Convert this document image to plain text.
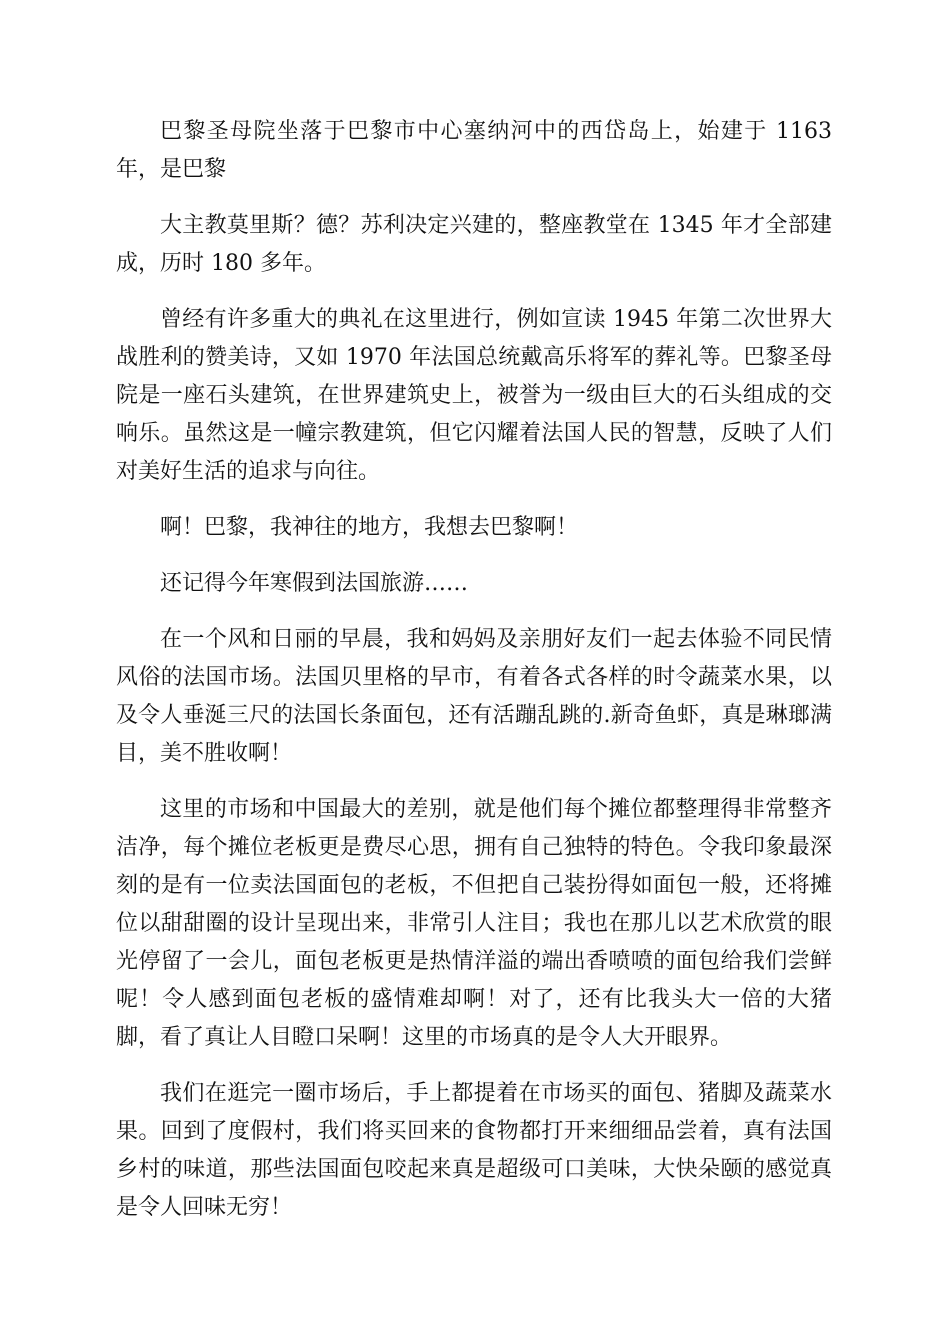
巴黎圣母院坐落于巴黎市中心塞纳河中的西岱岛上，始建于 1163 年，是巴黎

大主教莫里斯？德？苏利决定兴建的，整座教堂在 1345 年才全部建成，历时 180 多年。

曾经有许多重大的典礼在这里进行，例如宣读 1945 年第二次世界大战胜利的赞美诗，又如 1970 年法国总统戴高乐将军的葬礼等。巴黎圣母院是一座石头建筑，在世界建筑史上，被誉为一级由巨大的石头组成的交响乐。虽然这是一幢宗教建筑，但它闪耀着法国人民的智慧，反映了人们对美好生活的追求与向往。

啊！巴黎，我神往的地方，我想去巴黎啊！

还记得今年寒假到法国旅游……

在一个风和日丽的早晨，我和妈妈及亲朋好友们一起去体验不同民情风俗的法国市场。法国贝里格的早市，有着各式各样的时令蔬菜水果，以及令人垂涎三尺的法国长条面包，还有活蹦乱跳的.新奇鱼虾，真是琳瑯满目，美不胜收啊！

这里的市场和中国最大的差别，就是他们每个摊位都整理得非常整齐洁净，每个摊位老板更是费尽心思，拥有自己独特的特色。令我印象最深刻的是有一位卖法国面包的老板，不但把自己装扮得如面包一般，还将摊位以甜甜圈的设计呈现出来，非常引人注目；我也在那儿以艺术欣赏的眼光停留了一会儿，面包老板更是热情洋溢的端出香喷喷的面包给我们尝鲜呢！令人感到面包老板的盛情难却啊！对了，还有比我头大一倍的大猪脚，看了真让人目瞪口呆啊！这里的市场真的是令人大开眼界。

我们在逛完一圈市场后，手上都提着在市场买的面包、猪脚及蔬菜水果。回到了度假村，我们将买回来的食物都打开来细细品尝着，真有法国乡村的味道，那些法国面包咬起来真是超级可口美味，大快朵颐的感觉真是令人回味无穷！
